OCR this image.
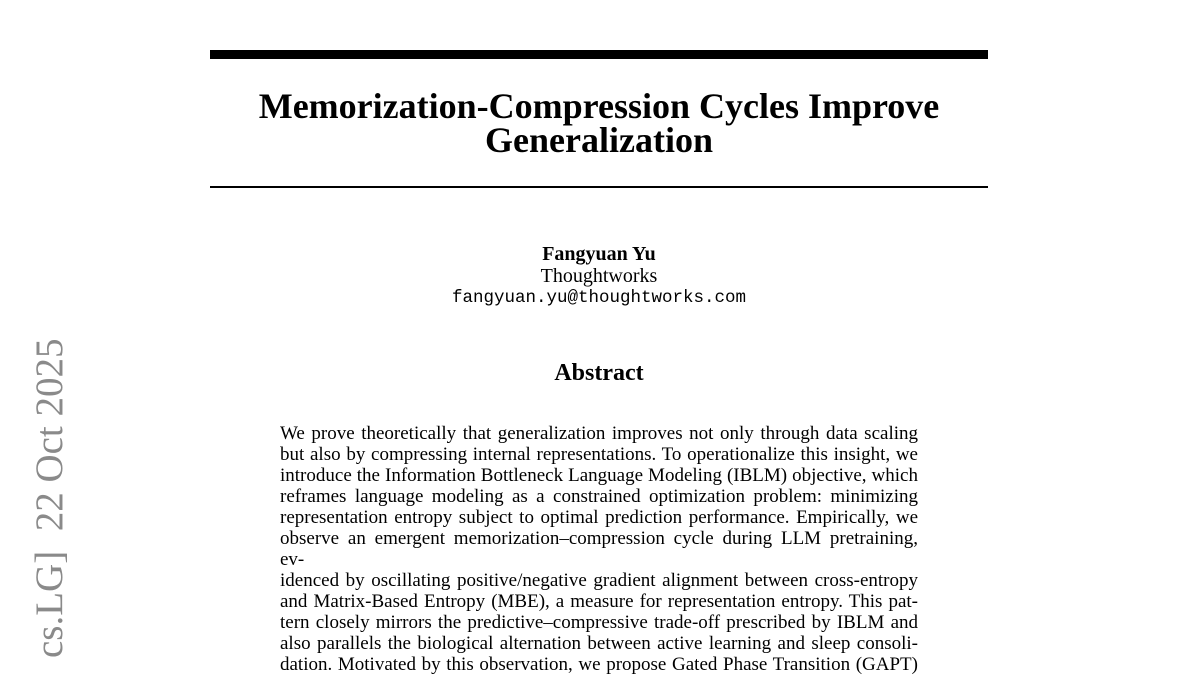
cs.LG]  22 Oct 2025
Memorization-Compression Cycles Improve
Generalization
Fangyuan Yu
Thoughtworks
fangyuan.yu@thoughtworks.com
Abstract
We prove theoretically that generalization improves not only through data scaling
but also by compressing internal representations. To operationalize this insight, we
introduce the Information Bottleneck Language Modeling (IBLM) objective, which
reframes language modeling as a constrained optimization problem: minimizing
representation entropy subject to optimal prediction performance. Empirically, we
observe an emergent memorization–compression cycle during LLM pretraining, ev-
idenced by oscillating positive/negative gradient alignment between cross-entropy
and Matrix-Based Entropy (MBE), a measure for representation entropy. This pat-
tern closely mirrors the predictive–compressive trade-off prescribed by IBLM and
also parallels the biological alternation between active learning and sleep consoli-
dation. Motivated by this observation, we propose Gated Phase Transition (GAPT)
